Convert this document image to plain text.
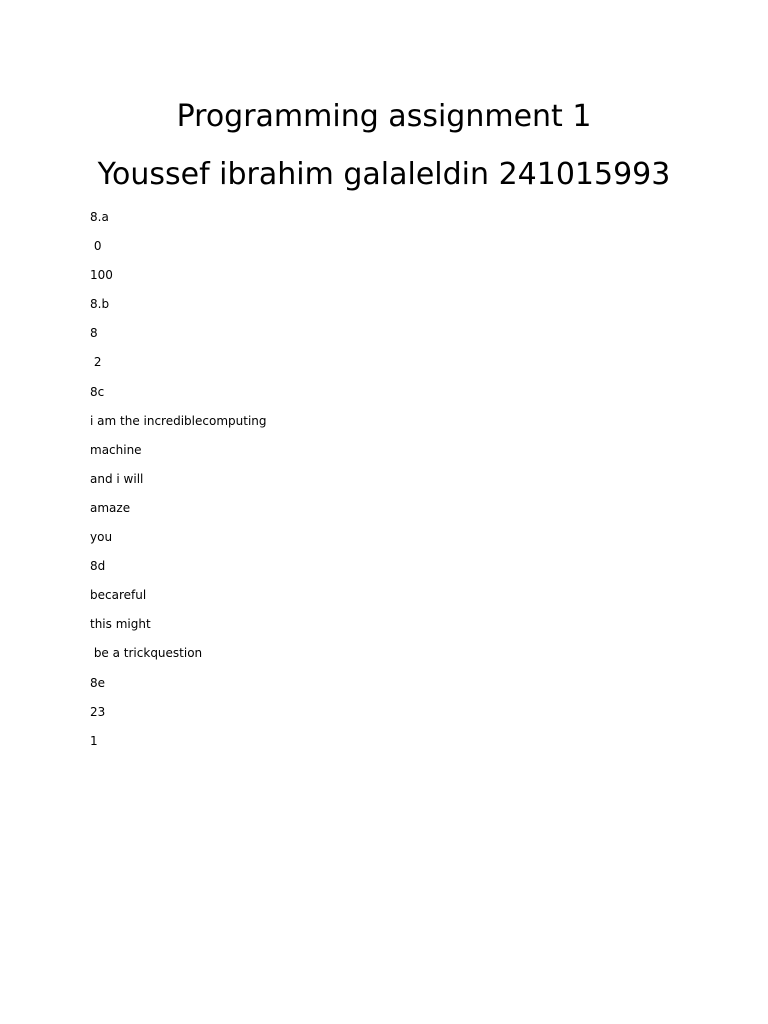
Programming assignment 1
Youssef ibrahim galaleldin 241015993
8.a
0
100
8.b
8
2
8c
i am the incrediblecomputing
machine
and i will
amaze
you
8d
becareful
this might
be a trickquestion
8e
23
1
